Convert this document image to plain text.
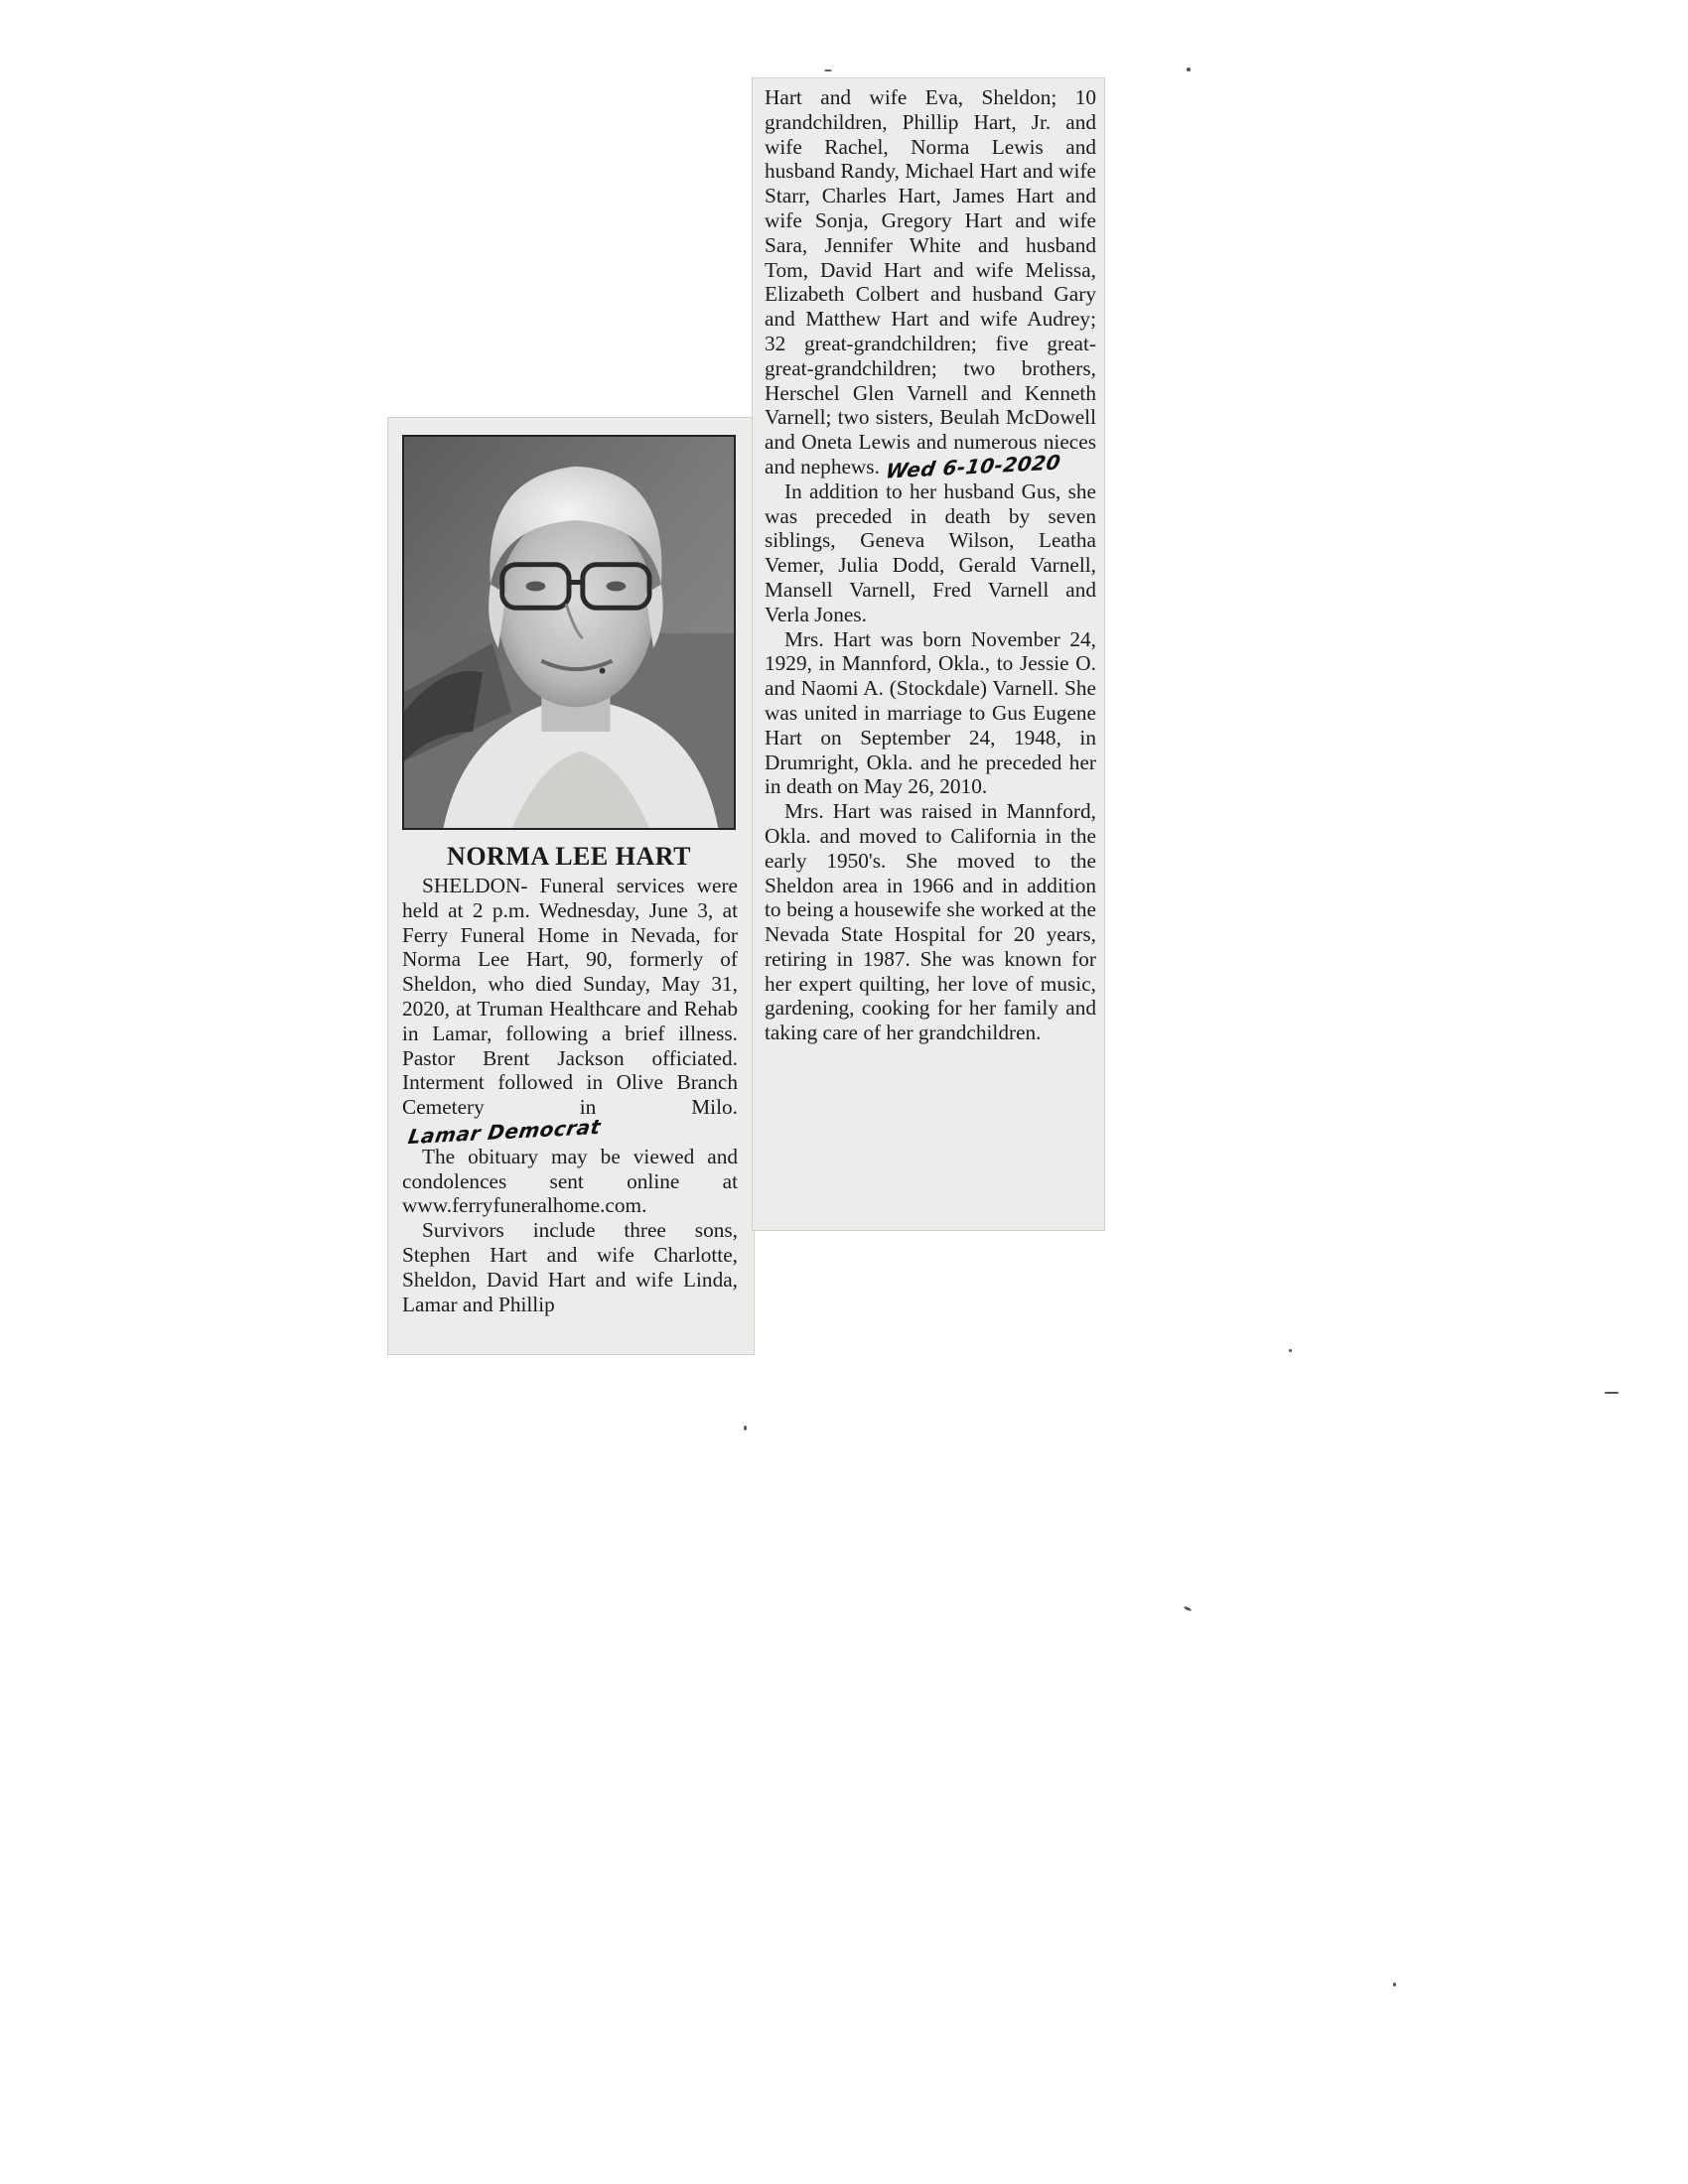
NORMA LEE HART

SHELDON- Funeral services were held at 2 p.m. Wednesday, June 3, at Ferry Funeral Home in Nevada, for Norma Lee Hart, 90, formerly of Sheldon, who died Sunday, May 31, 2020, at Truman Healthcare and Rehab in Lamar, following a brief illness. Pastor Brent Jackson officiated. Interment followed in Olive Branch Cemetery in Milo.Lamar Democrat

The obituary may be viewed and condolences sent online at www.ferryfuneralhome.com.

Survivors include three sons, Stephen Hart and wife Charlotte, Sheldon, David Hart and wife Linda, Lamar and Phillip

Hart and wife Eva, Sheldon; 10 grandchildren, Phillip Hart, Jr. and wife Rachel, Norma Lewis and husband Randy, Michael Hart and wife Starr, Charles Hart, James Hart and wife Sonja, Gregory Hart and wife Sara, Jennifer White and husband Tom, David Hart and wife Melissa, Elizabeth Colbert and husband Gary and Matthew Hart and wife Audrey; 32 great-grandchildren; five great-great-grandchildren; two brothers, Herschel Glen Varnell and Kenneth Varnell; two sisters, Beulah McDowell and Oneta Lewis and numerous nieces and nephews. Wed 6-10-2020

In addition to her husband Gus, she was preceded in death by seven siblings, Geneva Wilson, Leatha Vemer, Julia Dodd, Gerald Varnell, Mansell Varnell, Fred Varnell and Verla Jones.

Mrs. Hart was born November 24, 1929, in Mannford, Okla., to Jessie O. and Naomi A. (Stockdale) Varnell. She was united in marriage to Gus Eugene Hart on September 24, 1948, in Drumright, Okla. and he preceded her in death on May 26, 2010.

Mrs. Hart was raised in Mannford, Okla. and moved to California in the early 1950's. She moved to the Sheldon area in 1966 and in addition to being a housewife she worked at the Nevada State Hospital for 20 years, retiring in 1987. She was known for her expert quilting, her love of music, gardening, cooking for her family and taking care of her grandchildren.
